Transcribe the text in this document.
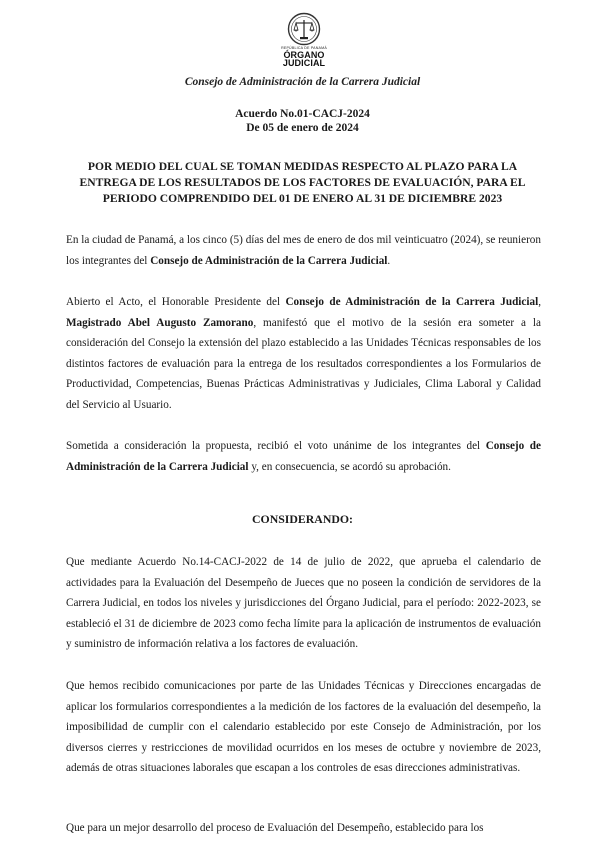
REPÚBLICA DE PANAMÁ
ÓRGANO
JUDICIAL
Consejo de Administración de la Carrera Judicial
Acuerdo No.01-CACJ-2024
De 05 de enero de 2024
POR MEDIO DEL CUAL SE TOMAN MEDIDAS RESPECTO AL PLAZO PARA LA ENTREGA DE LOS RESULTADOS DE LOS FACTORES DE EVALUACIÓN, PARA EL PERIODO COMPRENDIDO DEL 01 DE ENERO AL 31 DE DICIEMBRE 2023
En la ciudad de Panamá, a los cinco (5) días del mes de enero de dos mil veinticuatro (2024), se reunieron los integrantes del Consejo de Administración de la Carrera Judicial.
Abierto el Acto, el Honorable Presidente del Consejo de Administración de la Carrera Judicial, Magistrado Abel Augusto Zamorano, manifestó que el motivo de la sesión era someter a la consideración del Consejo la extensión del plazo establecido a las Unidades Técnicas responsables de los distintos factores de evaluación para la entrega de los resultados correspondientes a los Formularios de Productividad, Competencias, Buenas Prácticas Administrativas y Judiciales, Clima Laboral y Calidad del Servicio al Usuario.
Sometida a consideración la propuesta, recibió el voto unánime de los integrantes del Consejo de Administración de la Carrera Judicial y, en consecuencia, se acordó su aprobación.
CONSIDERANDO:
Que mediante Acuerdo No.14-CACJ-2022 de 14 de julio de 2022, que aprueba el calendario de actividades para la Evaluación del Desempeño de Jueces que no poseen la condición de servidores de la Carrera Judicial, en todos los niveles y jurisdicciones del Órgano Judicial, para el período: 2022-2023, se estableció el 31 de diciembre de 2023 como fecha límite para la aplicación de instrumentos de evaluación y suministro de información relativa a los factores de evaluación.
Que hemos recibido comunicaciones por parte de las Unidades Técnicas y Direcciones encargadas de aplicar los formularios correspondientes a la medición de los factores de la evaluación del desempeño, la imposibilidad de cumplir con el calendario establecido por este Consejo de Administración, por los diversos cierres y restricciones de movilidad ocurridos en los meses de octubre y noviembre de 2023, además de otras situaciones laborales que escapan a los controles de esas direcciones administrativas.
Que para un mejor desarrollo del proceso de Evaluación del Desempeño, establecido para los
